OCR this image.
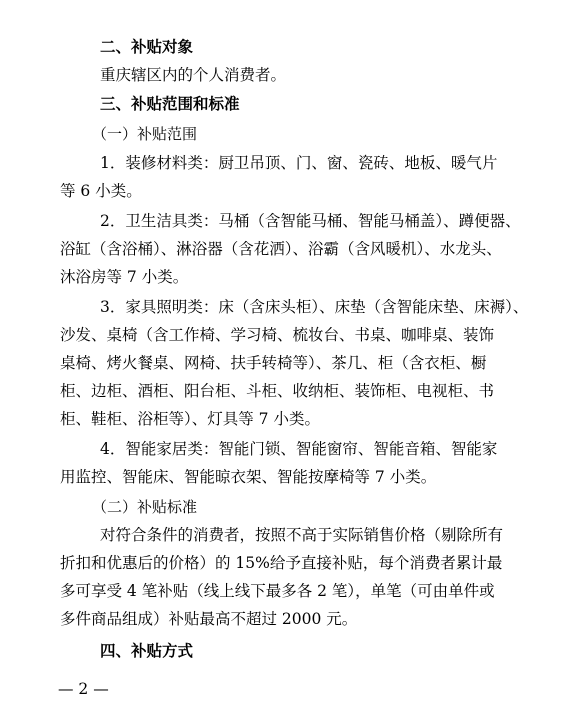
二、补贴对象
重庆辖区内的个人消费者。
三、补贴范围和标准
（一）补贴范围
1．装修材料类：厨卫吊顶、门、窗、瓷砖、地板、暖气片
等 6 小类。
2．卫生洁具类：马桶（含智能马桶、智能马桶盖）、蹲便器、
浴缸（含浴桶）、淋浴器（含花洒）、浴霸（含风暖机）、水龙头、
沐浴房等 7 小类。
3．家具照明类：床（含床头柜）、床垫（含智能床垫、床褥）、
沙发、桌椅（含工作椅、学习椅、梳妆台、书桌、咖啡桌、装饰
桌椅、烤火餐桌、网椅、扶手转椅等）、茶几、柜（含衣柜、橱
柜、边柜、酒柜、阳台柜、斗柜、收纳柜、装饰柜、电视柜、书
柜、鞋柜、浴柜等）、灯具等 7 小类。
4．智能家居类：智能门锁、智能窗帘、智能音箱、智能家
用监控、智能床、智能晾衣架、智能按摩椅等 7 小类。
（二）补贴标准
对符合条件的消费者，按照不高于实际销售价格（剔除所有
折扣和优惠后的价格）的 15%给予直接补贴，每个消费者累计最
多可享受 4 笔补贴（线上线下最多各 2 笔），单笔（可由单件或
多件商品组成）补贴最高不超过 2000 元。
四、补贴方式
— 2 —
